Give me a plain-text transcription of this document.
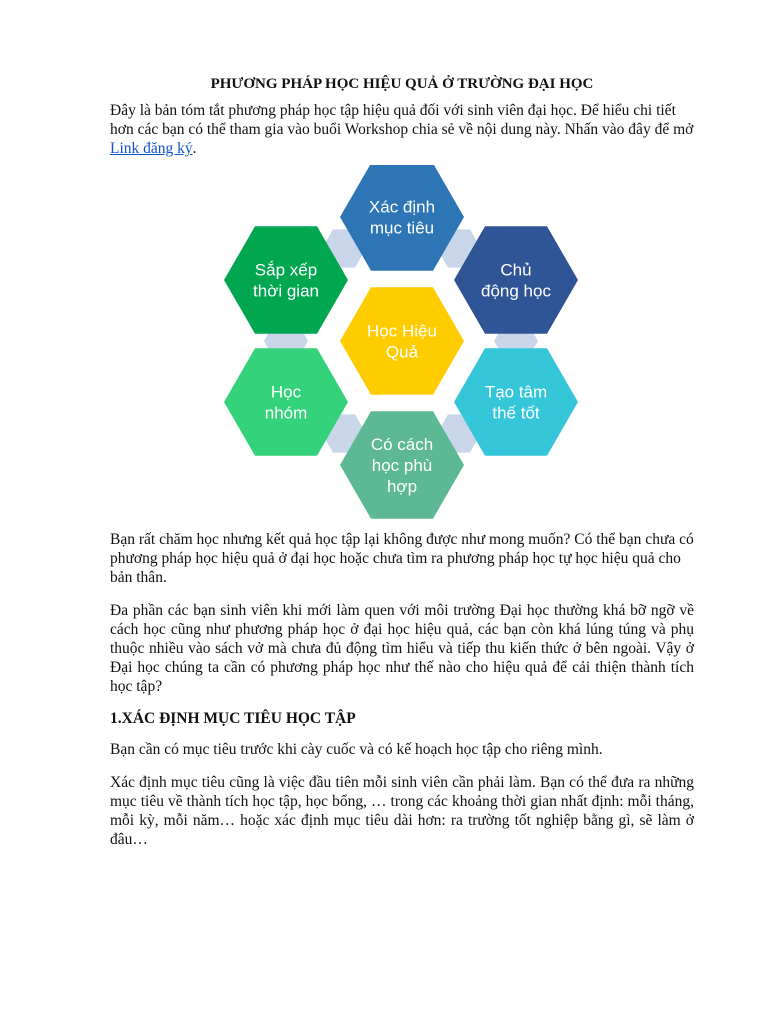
PHƯƠNG PHÁP HỌC HIỆU QUẢ Ở TRƯỜNG ĐẠI HỌC

Đây là bản tóm tắt phương pháp học tập hiệu quả đối với sinh viên đại học. Để hiểu chi tiết hơn các bạn có thể tham gia vào buổi Workshop chia sẻ về nội dung này. Nhấn vào đây để mở Link đăng ký.

Bạn rất chăm học nhưng kết quả học tập lại không được như mong muốn? Có thể bạn chưa có phương pháp học hiệu quả ở đại học hoặc chưa tìm ra phương pháp học tự học hiệu quả cho bản thân.

Đa phần các bạn sinh viên khi mới làm quen với môi trường Đại học thường khá bỡ ngỡ về cách học cũng như phương pháp học ở đại học hiệu quả, các bạn còn khá lúng túng và phụ thuộc nhiều vào sách vở mà chưa đủ động tìm hiểu và tiếp thu kiến thức ở bên ngoài. Vậy ở Đại học chúng ta cần có phương pháp học như thế nào cho hiệu quả để cải thiện thành tích học tập?

1.XÁC ĐỊNH MỤC TIÊU HỌC TẬP

Bạn cần có mục tiêu trước khi cày cuốc và có kế hoạch học tập cho riêng mình.

Xác định mục tiêu cũng là việc đầu tiên mỗi sinh viên cần phải làm. Bạn có thể đưa ra những mục tiêu về thành tích học tập, học bổng, … trong các khoảng thời gian nhất định: mỗi tháng, mỗi kỳ, mỗi năm… hoặc xác định mục tiêu dài hơn: ra trường tốt nghiệp bằng gì, sẽ làm ở đâu…

Xác định
mục tiêu
Chủ
động học
Tạo tâm
thế tốt
Có cách
học phù
hợp
Học
nhóm
Sắp xếp
thời gian
Học Hiệu
Quả
